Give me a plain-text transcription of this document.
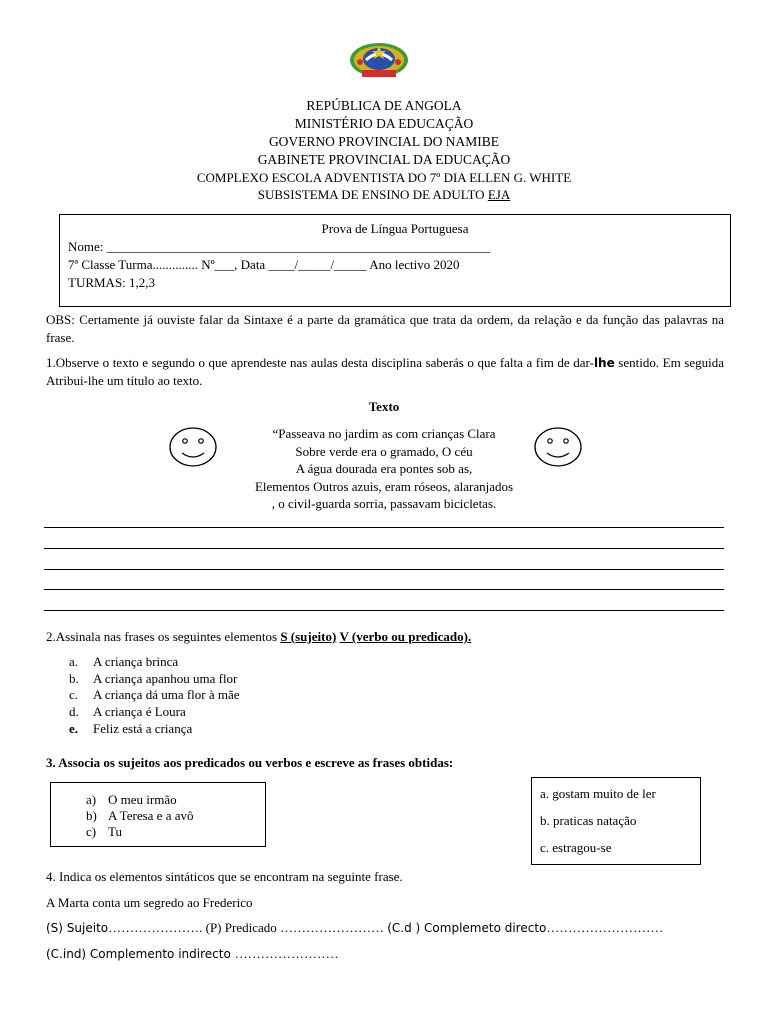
REPÚBLICA DE ANGOLA
MINISTÉRIO DA EDUCAÇÃO
GOVERNO PROVINCIAL DO NAMIBE
GABINETE PROVINCIAL DA EDUCAÇÃO
COMPLEXO ESCOLA ADVENTISTA DO 7º DIA ELLEN G. WHITE
SUBSISTEMA DE ENSINO DE ADULTO EJA
Prova de Língua Portuguesa
Nome: ___________________________________________________________
7ª Classe Turma.............. Nº___, Data ____/_____/_____ Ano lectivo 2020
TURMAS: 1,2,3
OBS: Certamente já ouviste falar da Sintaxe é a parte da gramática que trata da ordem, da relação e da função das palavras na frase.
1.Observe o texto e segundo o que aprendeste nas aulas desta disciplina saberás o que falta a fim de dar-lhe sentido. Em seguida Atribui-lhe um título ao texto.
Texto
“Passeava no jardim as com crianças Clara
Sobre verde era o gramado, O céu
A água dourada era pontes sob as,
Elementos Outros azuis, eram róseos, alaranjados
, o civil-guarda sorria, passavam bicicletas.
2.Assinala nas frases os seguintes elementos S (sujeito) V (verbo ou predicado).
a. A criança brinca
b. A criança apanhou uma flor
c. A criança dá uma flor à mãe
d. A criança é Loura
e. Feliz está a criança
3. Associa os sujeitos aos predicados ou verbos e escreve as frases obtidas:
a) O meu irmão
b) A Teresa e a avô
c) Tu
a. gostam muito de ler
b. praticas natação
c. estragou-se
4. Indica os elementos sintáticos que se encontram na seguinte frase.
A Marta conta um segredo ao Frederico
(S) Sujeito…………………. (P) Predicado …………………… (C.d ) Complemeto directo………………………
(C.ind) Complemento indirecto ……………………
